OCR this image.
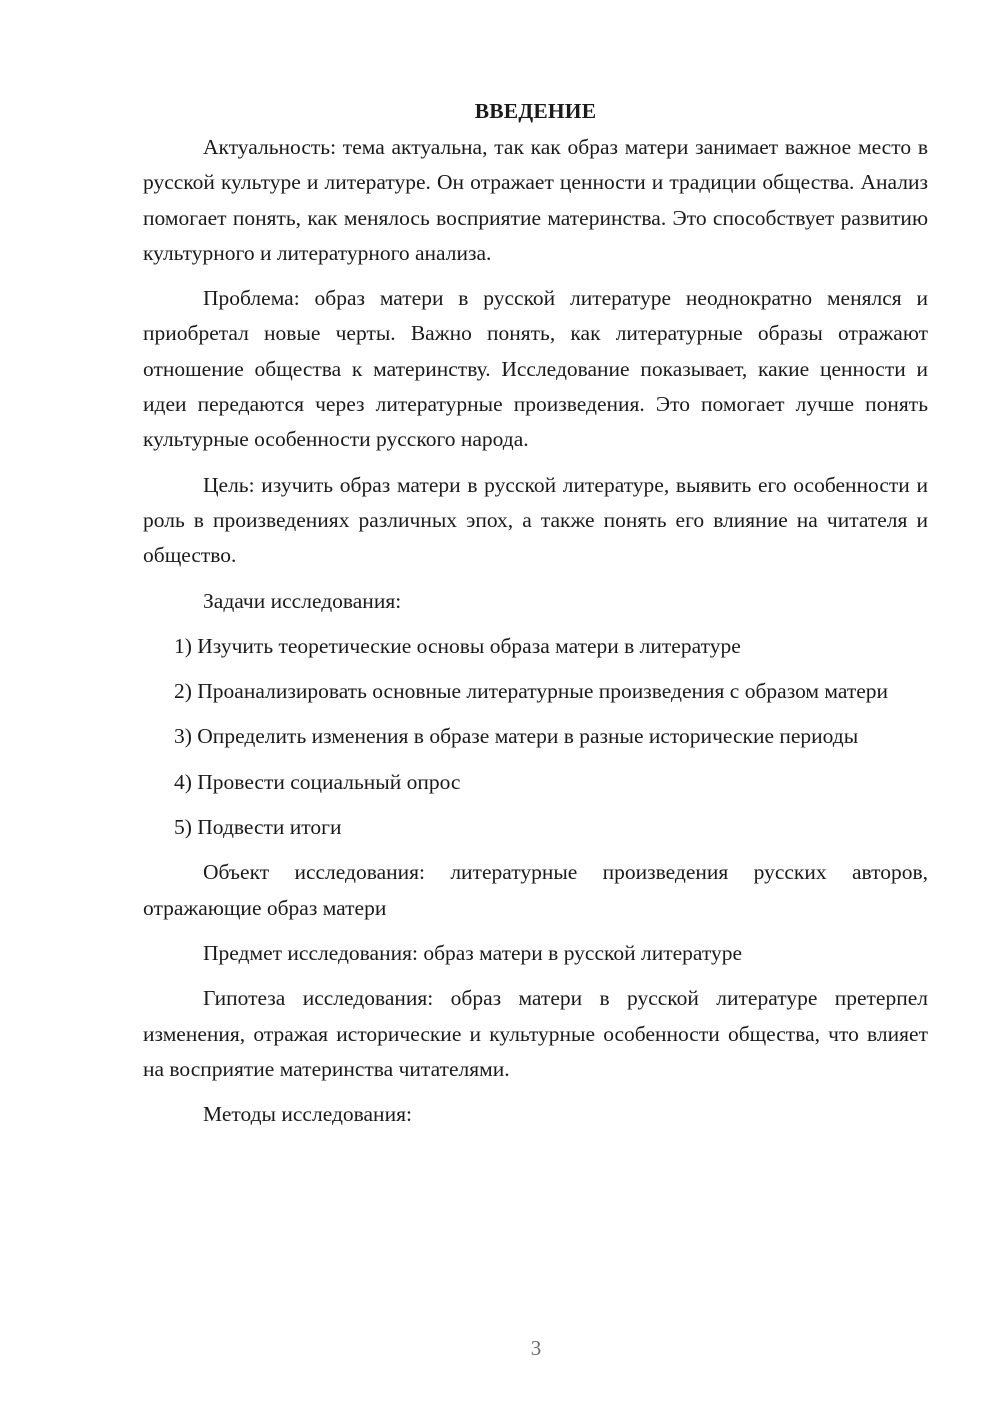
ВВЕДЕНИЕ

Актуальность: тема актуальна, так как образ матери занимает важное место в русской культуре и литературе. Он отражает ценности и традиции общества. Анализ помогает понять, как менялось восприятие материнства. Это способствует развитию культурного и литературного анализа.

Проблема: образ матери в русской литературе неоднократно менялся и приобретал новые черты. Важно понять, как литературные образы отражают отношение общества к материнству. Исследование показывает, какие ценности и идеи передаются через литературные произведения. Это помогает лучше понять культурные особенности русского народа.

Цель: изучить образ матери в русской литературе, выявить его особенности и роль в произведениях различных эпох, а также понять его влияние на читателя и общество.

Задачи исследования:

1) Изучить теоретические основы образа матери в литературе

2) Проанализировать основные литературные произведения с образом матери

3) Определить изменения в образе матери в разные исторические периоды

4) Провести социальный опрос

5) Подвести итоги

Объект исследования: литературные произведения русских авторов, отражающие образ матери

Предмет исследования: образ матери в русской литературе

Гипотеза исследования: образ матери в русской литературе претерпел изменения, отражая исторические и культурные особенности общества, что влияет на восприятие материнства читателями.

Методы исследования:

3
